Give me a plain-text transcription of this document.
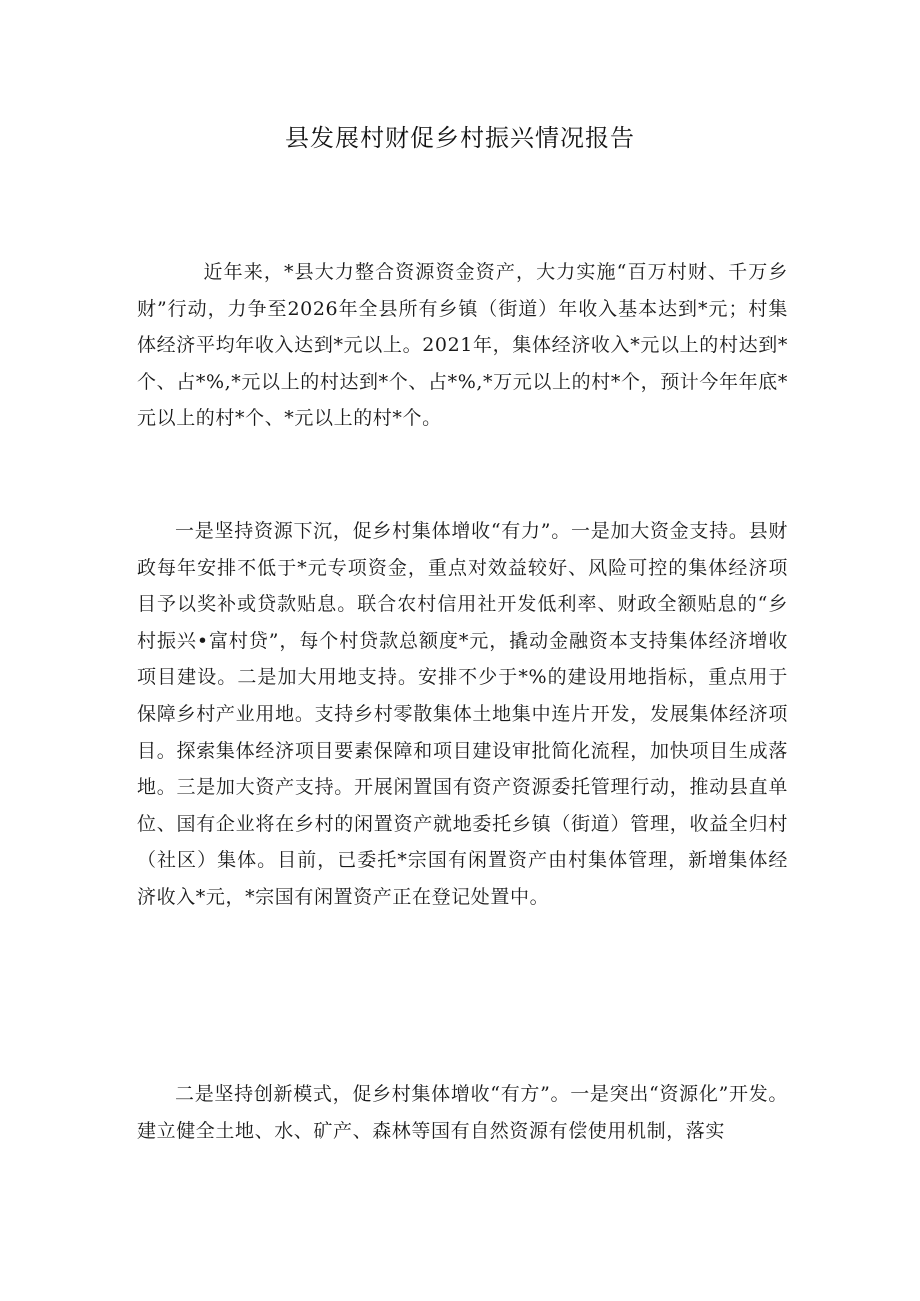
县发展村财促乡村振兴情况报告

近年来，*县大力整合资源资金资产，大力实施“百万村财、千万乡财”行动，力争至2026年全县所有乡镇（街道）年收入基本达到*元；村集体经济平均年收入达到*元以上。2021年，集体经济收入*元以上的村达到*个、占*%,*元以上的村达到*个、占*%,*万元以上的村*个，预计今年年底*元以上的村*个、*元以上的村*个。

一是坚持资源下沉，促乡村集体增收“有力”。一是加大资金支持。县财政每年安排不低于*元专项资金，重点对效益较好、风险可控的集体经济项目予以奖补或贷款贴息。联合农村信用社开发低利率、财政全额贴息的“乡村振兴•富村贷”，每个村贷款总额度*元，撬动金融资本支持集体经济增收项目建设。二是加大用地支持。安排不少于*%的建设用地指标，重点用于保障乡村产业用地。支持乡村零散集体土地集中连片开发，发展集体经济项目。探索集体经济项目要素保障和项目建设审批简化流程，加快项目生成落地。三是加大资产支持。开展闲置国有资产资源委托管理行动，推动县直单位、国有企业将在乡村的闲置资产就地委托乡镇（街道）管理，收益全归村（社区）集体。目前，已委托*宗国有闲置资产由村集体管理，新增集体经济收入*元，*宗国有闲置资产正在登记处置中。

二是坚持创新模式，促乡村集体增收“有方”。一是突出“资源化”开发。建立健全土地、水、矿产、森林等国有自然资源有偿使用机制，落实
